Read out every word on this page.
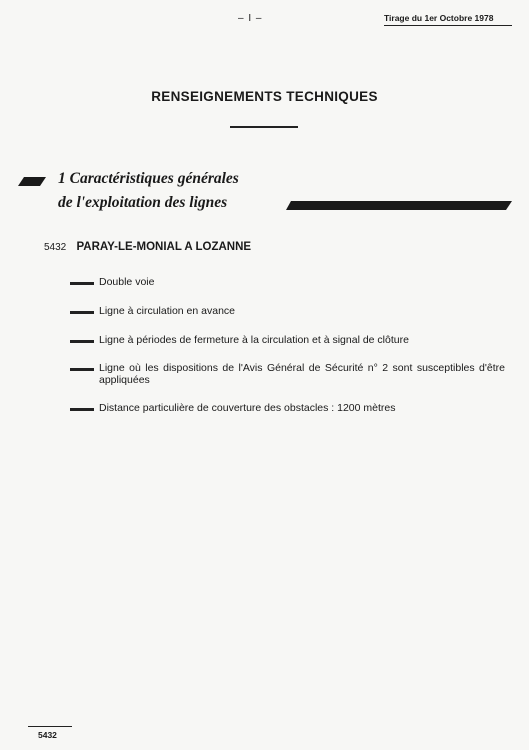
– I –	Tirage du 1er Octobre 1978
RENSEIGNEMENTS TECHNIQUES
1 Caractéristiques générales
de l'exploitation des lignes
5432 PARAY-LE-MONIAL A LOZANNE
Double voie
Ligne à circulation en avance
Ligne à périodes de fermeture à la circulation et à signal de clôture
Ligne où les dispositions de l'Avis Général de Sécurité n° 2 sont susceptibles d'être appliquées
Distance particulière de couverture des obstacles : 1200 mètres
5432
